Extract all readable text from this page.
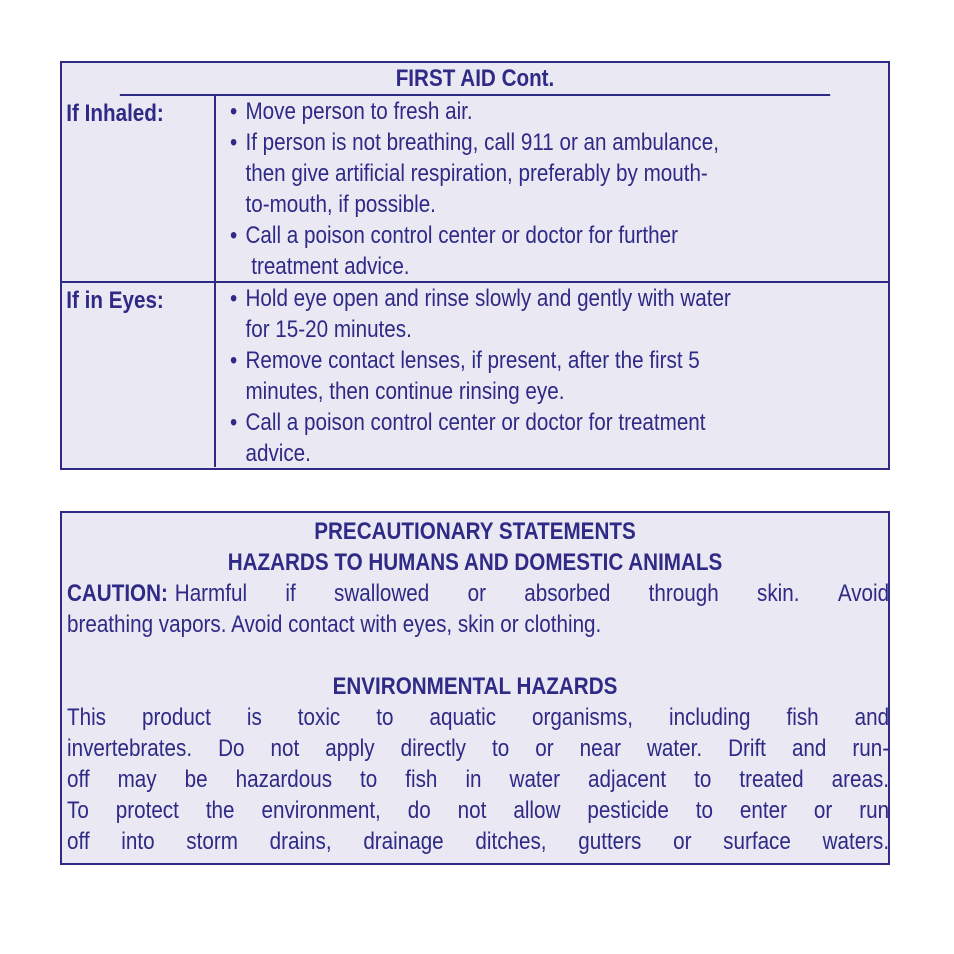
FIRST AID Cont.
If Inhaled:	• Move person to fresh air.
• If person is not breathing, call 911 or an ambulance,
then give artificial respiration, preferably by mouth-
to-mouth, if possible.
• Call a poison control center or doctor for further
treatment advice.
If in Eyes:	• Hold eye open and rinse slowly and gently with water
for 15-20 minutes.
• Remove contact lenses, if present, after the first 5
minutes, then continue rinsing eye.
• Call a poison control center or doctor for treatment
advice.
PRECAUTIONARY STATEMENTS
HAZARDS TO HUMANS AND DOMESTIC ANIMALS
CAUTION: Harmful if swallowed or absorbed through skin. Avoid
breathing vapors. Avoid contact with eyes, skin or clothing.
ENVIRONMENTAL HAZARDS
This product is toxic to aquatic organisms, including fish and
invertebrates. Do not apply directly to or near water. Drift and run-
off may be hazardous to fish in water adjacent to treated areas.
To protect the environment, do not allow pesticide to enter or run
off into storm drains, drainage ditches, gutters or surface waters.
